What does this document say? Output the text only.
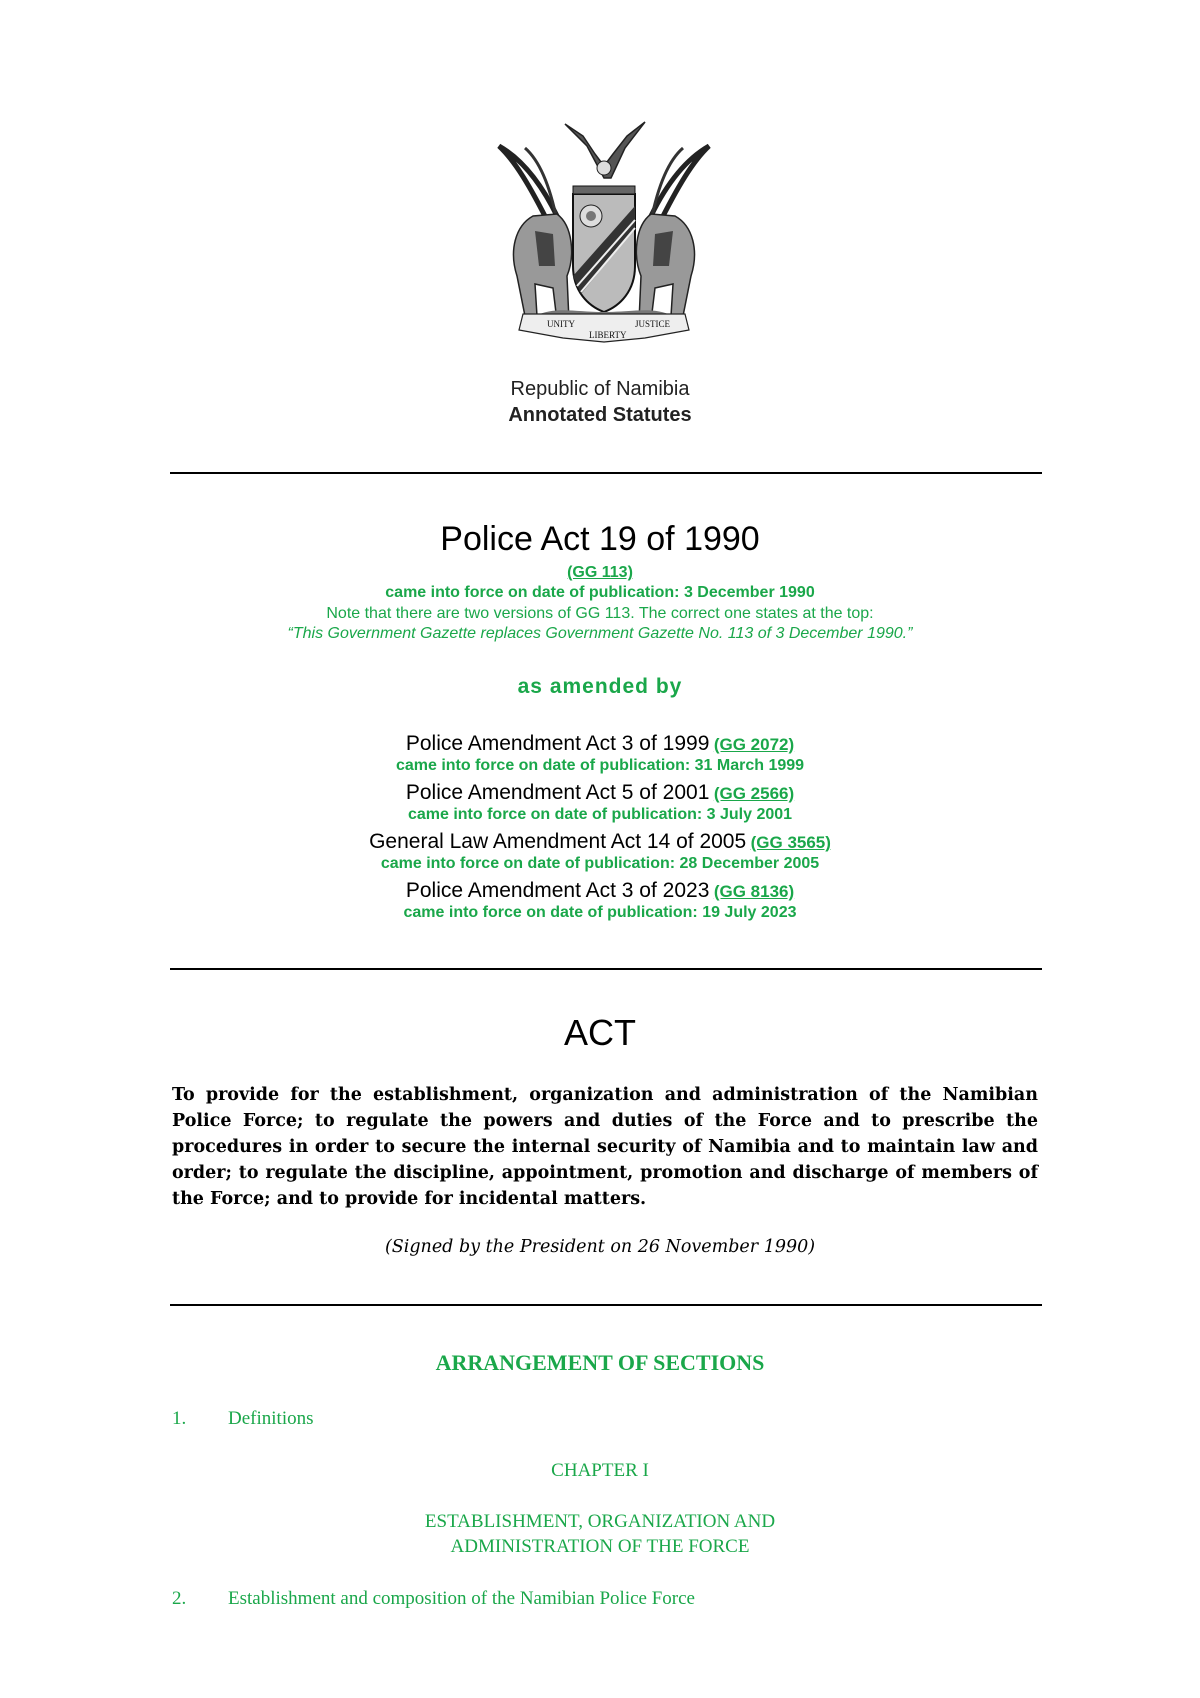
UNITY
LIBERTY
JUSTICE
Republic of Namibia
Annotated Statutes
Police Act 19 of 1990
(GG 113)
came into force on date of publication: 3 December 1990
Note that there are two versions of GG 113. The correct one states at the top:
“This Government Gazette replaces Government Gazette No. 113 of 3 December 1990.”
as amended by
Police Amendment Act 3 of 1999 (GG 2072)
came into force on date of publication: 31 March 1999
Police Amendment Act 5 of 2001 (GG 2566)
came into force on date of publication: 3 July 2001
General Law Amendment Act 14 of 2005 (GG 3565)
came into force on date of publication: 28 December 2005
Police Amendment Act 3 of 2023 (GG 8136)
came into force on date of publication: 19 July 2023
ACT
To provide for the establishment, organization and administration of the Namibian Police Force; to regulate the powers and duties of the Force and to prescribe the procedures in order to secure the internal security of Namibia and to maintain law and order; to regulate the discipline, appointment, promotion and discharge of members of the Force; and to provide for incidental matters.
(Signed by the President on 26 November 1990)
ARRANGEMENT OF SECTIONS
1. Definitions
CHAPTER I
ESTABLISHMENT, ORGANIZATION AND
ADMINISTRATION OF THE FORCE
2. Establishment and composition of the Namibian Police Force
